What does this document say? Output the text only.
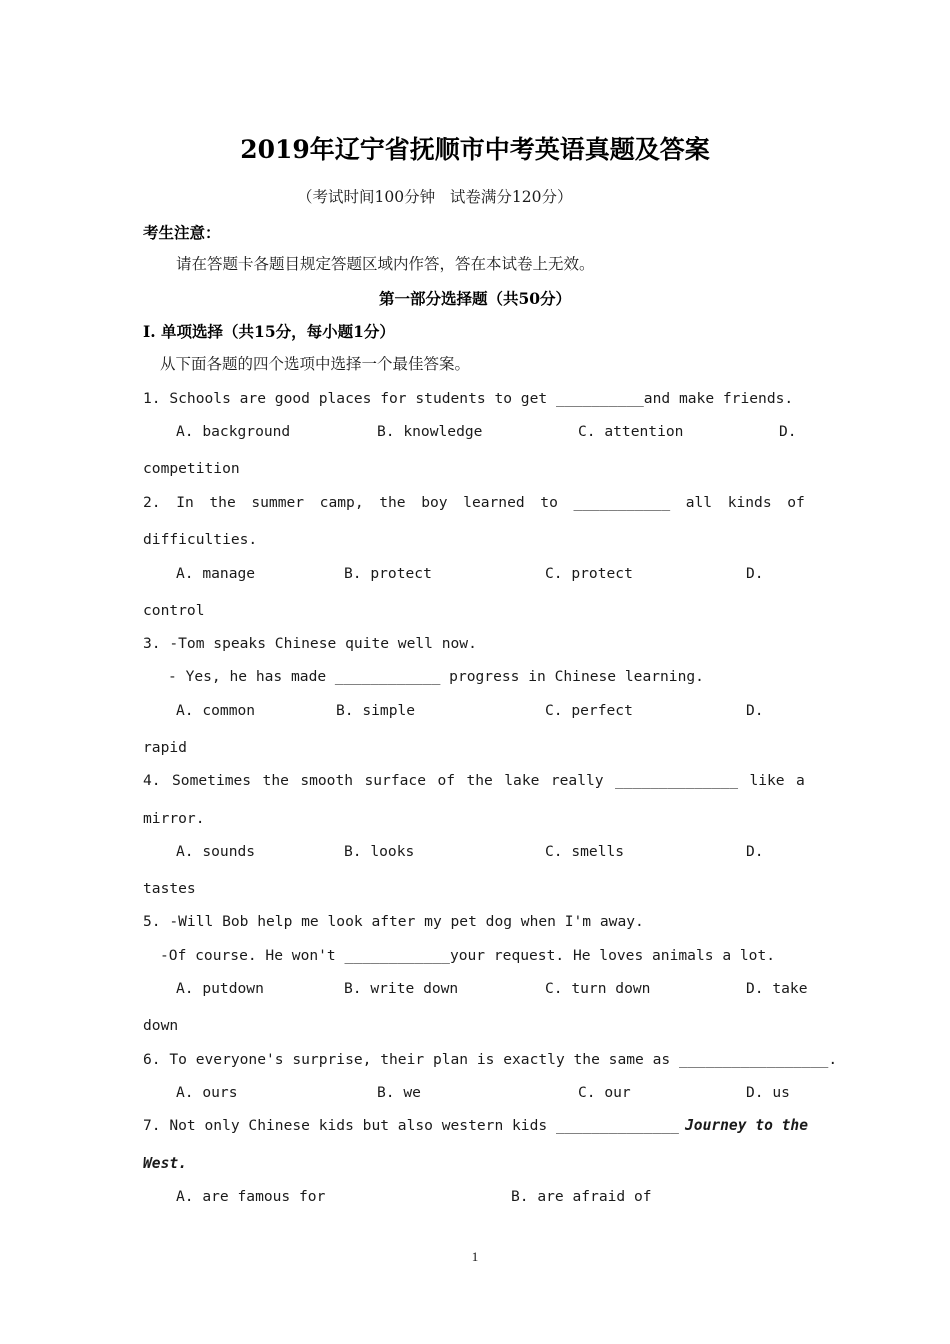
2019年辽宁省抚顺市中考英语真题及答案
（考试时间100分钟   试卷满分120分）
考生注意：
请在答题卡各题目规定答题区域内作答，答在本试卷上无效。
第一部分选择题（共50分）
I. 单项选择（共15分，每小题1分）
从下面各题的四个选项中选择一个最佳答案。
1. Schools are good places for students to get __________and make friends.
A. background	B. knowledge	C. attention	D.
competition
2. In the summer camp, the boy learned to ___________ all kinds of
difficulties.
A. manage	B. protect	C. protect	D.
control
3. -Tom speaks Chinese quite well now.
- Yes, he has made ____________ progress in Chinese learning.
A. common	B. simple	C. perfect	D.
rapid
4. Sometimes the smooth surface of the lake really ______________ like a
mirror.
A. sounds	B. looks	C. smells	D.
tastes
5. -Will Bob help me look after my pet dog when I'm away.
-Of course. He won't ____________your request. He loves animals a lot.
A. putdown	B. write down	C. turn down	D. take
down
6. To everyone's surprise, their plan is exactly the same as _________________.
A. ours	B. we	C. our	D. us
7. Not only Chinese kids but also western kids ______________ Journey to the
West.
A. are famous for	B. are afraid of
1
